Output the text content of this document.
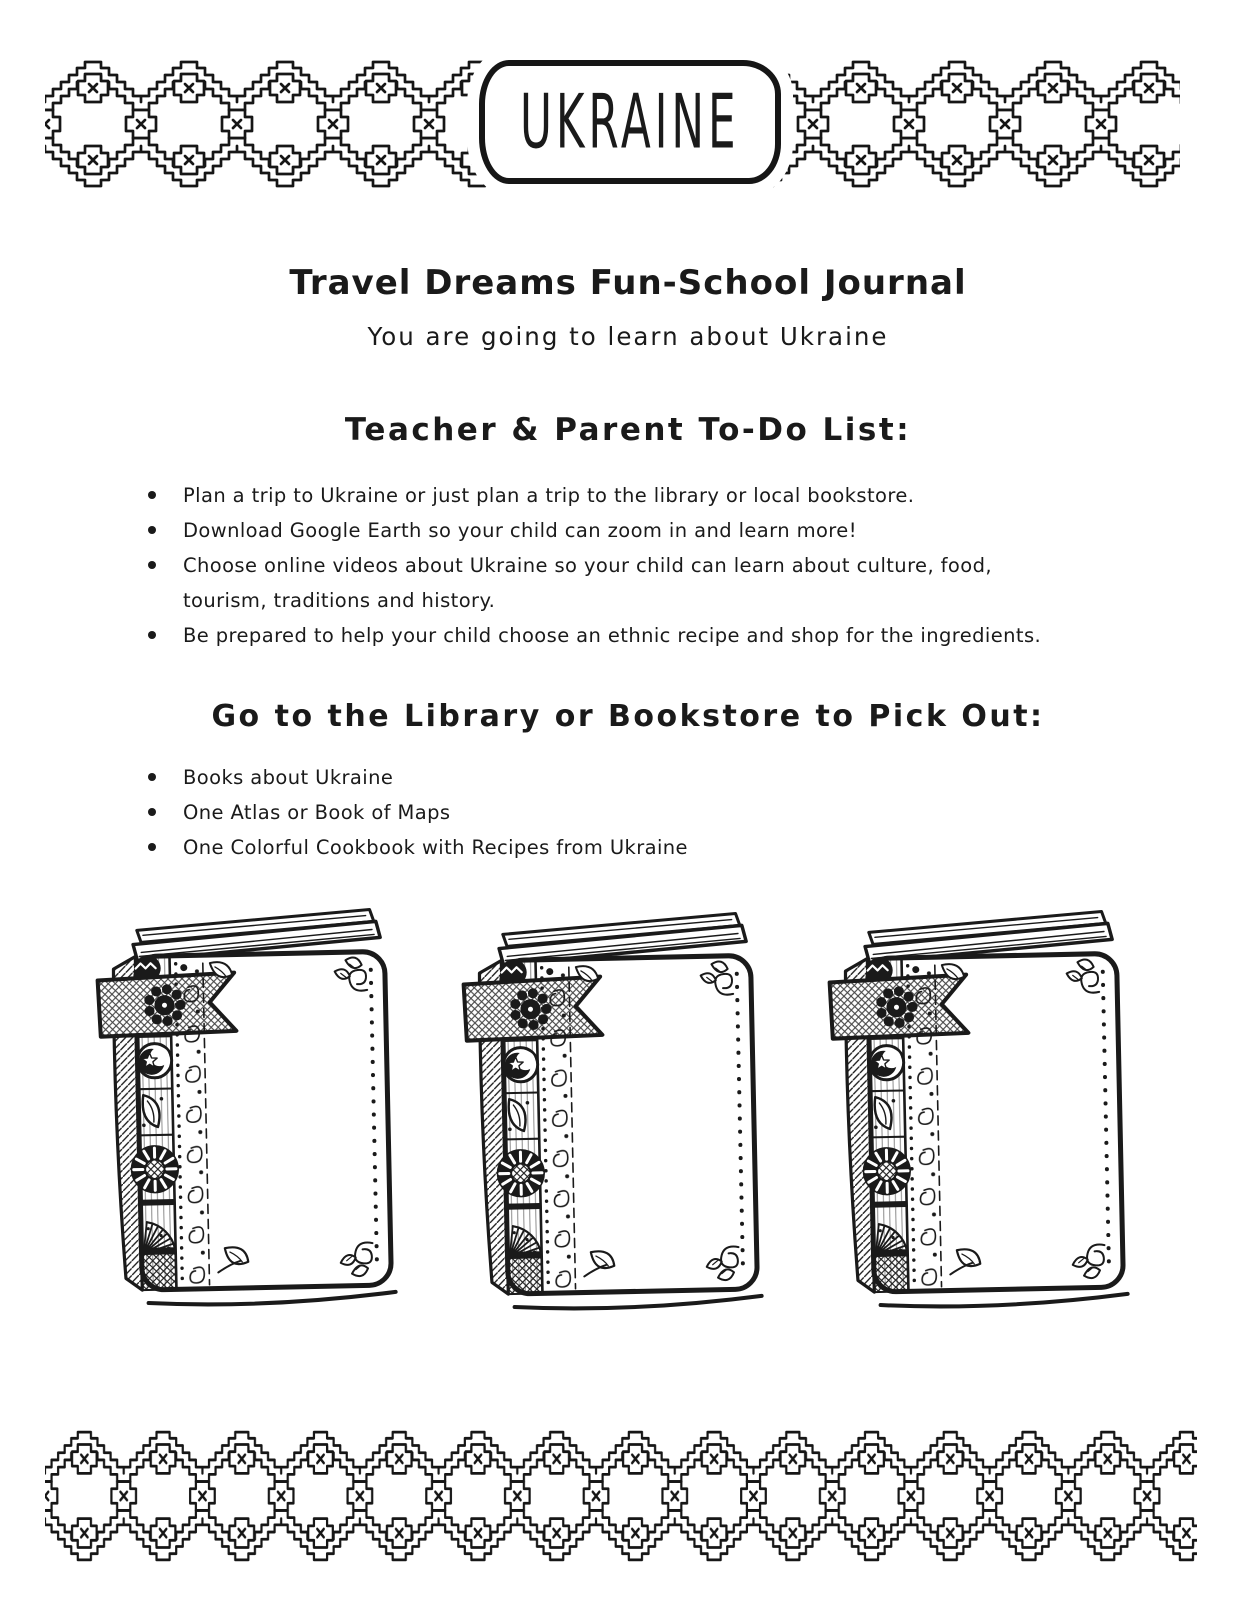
UKRAINE
Travel Dreams Fun-School Journal
You are going to learn about Ukraine
Teacher & Parent To-Do List:
Plan a trip to Ukraine or just plan a trip to the library or local bookstore.
Download Google Earth so your child can zoom in and learn more!
Choose online videos about Ukraine so your child can learn about culture, food,
tourism, traditions and history.
Be prepared to help your child choose an ethnic recipe and shop for the ingredients.
Go to the Library or Bookstore to Pick Out:
Books about Ukraine
One Atlas or Book of Maps
One Colorful Cookbook with Recipes from Ukraine
